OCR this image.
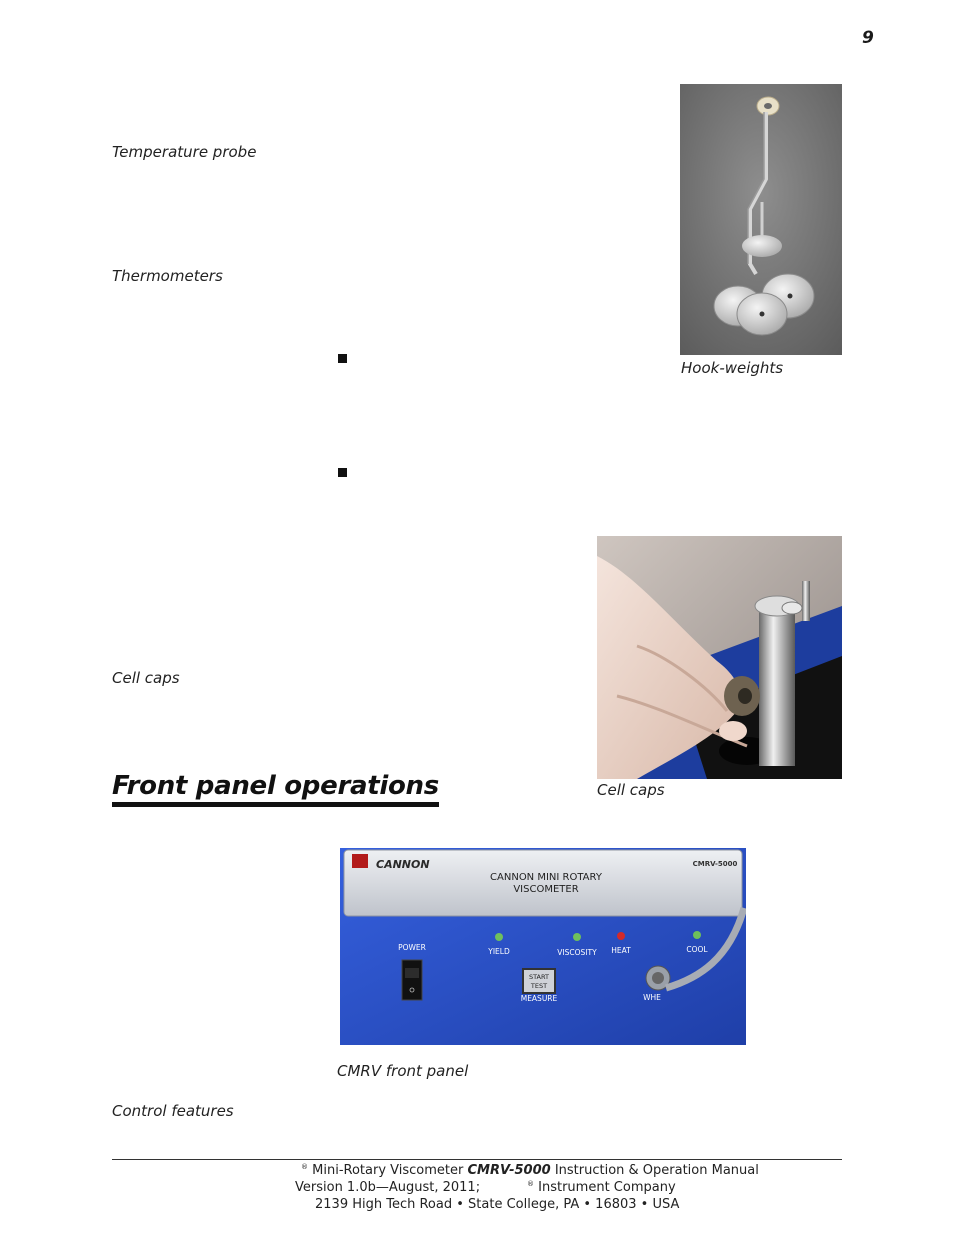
9
Temperature probe
Thermometers
Hook-weights
Cell caps
Cell caps
Front panel operations
CANNON
CANNON MINI ROTARY
VISCOMETER
CMRV-5000
POWER	YIELD	VISCOSITY HEAT	COOL
START
TEST
MEASURE	WHE
CMRV front panel
Control features
® Mini-Rotary Viscometer CMRV-5000 Instruction & Operation Manual
Version 1.0b—August, 2011;	® Instrument Company
2139 High Tech Road • State College, PA • 16803 • USA
